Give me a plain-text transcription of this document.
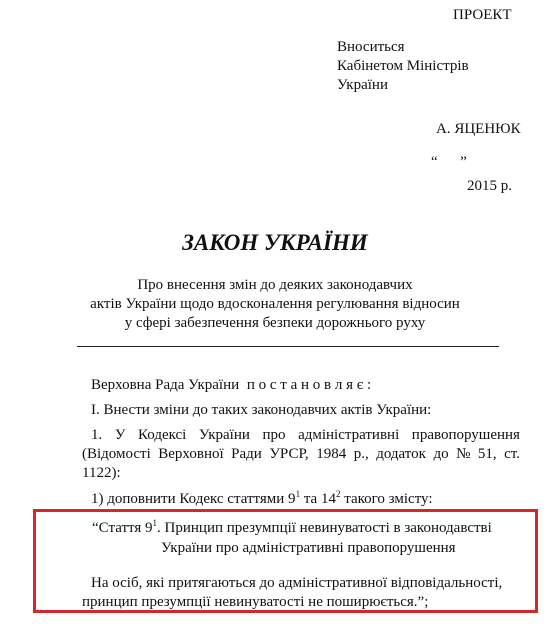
ПРОЕКТ
Вноситься
Кабінетом Міністрів
України
А. ЯЦЕНЮК
“      ”
2015 р.
ЗАКОН УКРАЇНИ
Про внесення змін до деяких законодавчих
актів України щодо вдосконалення регулювання відносин
у сфері забезпечення безпеки дорожнього руху
Верховна Рада України п о с т а н о в л я є :
І. Внести зміни до таких законодавчих актів України:
1. У Кодексі України про адміністративні правопорушення
(Відомості Верховної Ради УРСР, 1984 р., додаток до № 51, ст.
1122):
1) доповнити Кодекс статтями $9^1$ та $14^2$ такого змісту:
“Стаття $9^1$. Принцип презумпції невинуватості в законодавстві
України про адміністративні правопорушення
На осіб, які притягаються до адміністративної відповідальності,
принцип презумпції невинуватості не поширюється.”;
